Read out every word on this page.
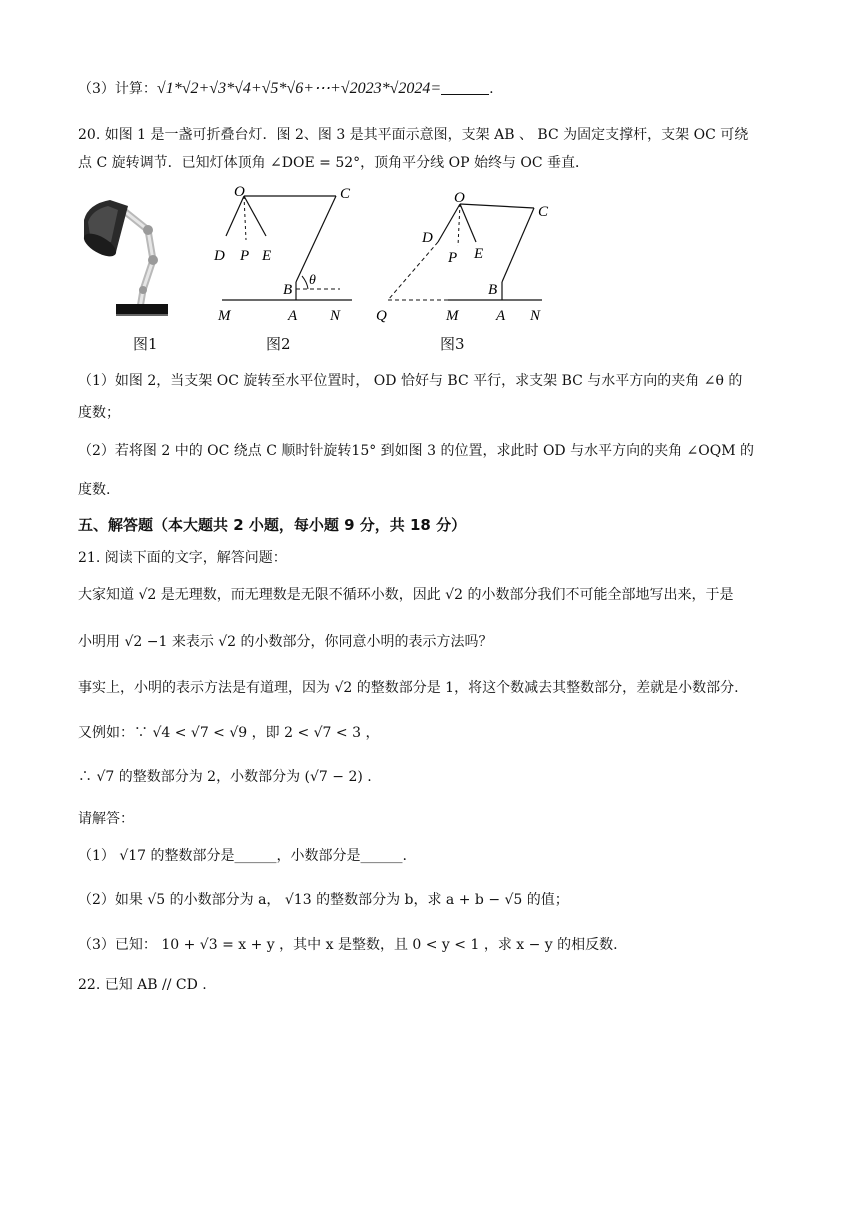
（3）计算：√1*√2+√3*√4+√5*√6+⋯+√2023*√2024=	.
20. 如图 1 是一盏可折叠台灯．图 2、图 3 是其平面示意图，支架 AB 、 BC 为固定支撑杆，支架 OC 可绕
点 C 旋转调节．已知灯体顶角 ∠DOE = 52°，顶角平分线 OP 始终与 OC 垂直．
图1
O	C
D P E
B
θ
M	A N
图2
O
C
D
P E
B
Q	M	A N
图3
（1）如图 2，当支架 OC 旋转至水平位置时， OD 恰好与 BC 平行，求支架 BC 与水平方向的夹角 ∠θ 的
度数；
（2）若将图 2 中的 OC 绕点 C 顺时针旋转15° 到如图 3 的位置，求此时 OD 与水平方向的夹角 ∠OQM 的
度数.
五、解答题（本大题共 2 小题，每小题 9 分，共 18 分）
21. 阅读下面的文字，解答问题：
大家知道 √2 是无理数，而无理数是无限不循环小数，因此 √2 的小数部分我们不可能全部地写出来，于是
小明用 √2 −1 来表示 √2 的小数部分，你同意小明的表示方法吗？
事实上，小明的表示方法是有道理，因为 √2 的整数部分是 1，将这个数减去其整数部分，差就是小数部分.
又例如：∵ √4 < √7 < √9 ，即 2 < √7 < 3 ，
∴ √7 的整数部分为 2，小数部分为 (√7 − 2) .
请解答：
（1） √17 的整数部分是______，小数部分是______.
（2）如果 √5 的小数部分为 a， √13 的整数部分为 b，求 a + b − √5 的值；
（3）已知： 10 + √3 = x + y ，其中 x 是整数，且 0 < y < 1 ，求 x − y 的相反数.
22. 已知 AB // CD .
